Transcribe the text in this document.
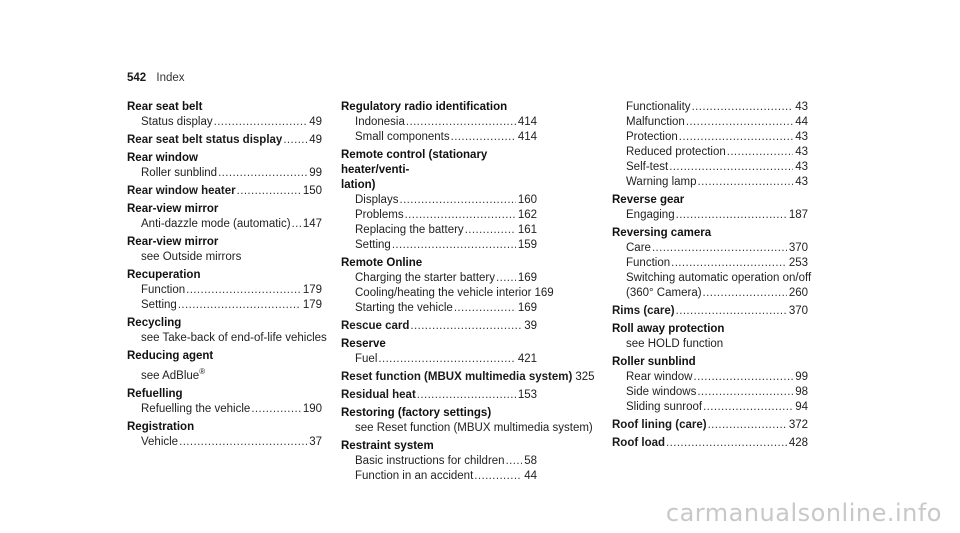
542 Index
Rear seat belt
Status display .....	49
Rear seat belt status display ..... 49
Rear window
Roller sunblind .....	99
Rear window heater .....	150
Rear-view mirror
Anti-dazzle mode (automatic) ..... 147
Rear-view mirror
see Outside mirrors
Recuperation
Function .....	179
Setting .....	179
Recycling
see Take-back of end-of-life vehicles
Reducing agent
see AdBlue®
Refuelling
Refuelling the vehicle .....	190
Registration
Vehicle .....	37
Regulatory radio identification
Indonesia .....	414
Small components .....	414
Remote control (stationary heater/venti-
lation)
Displays .....	160
Problems .....	162
Replacing the battery .....	161
Setting .....	159
Remote Online
Charging the starter battery ..... 169
Cooling/heating the vehicle interior 169
Starting the vehicle .....	169
Rescue card .....	39
Reserve
Fuel .....	421
Reset function (MBUX multimedia system) 325
Residual heat .....	153
Restoring (factory settings)
see Reset function (MBUX multimedia system)
Restraint system
Basic instructions for children ..... 58
Function in an accident .....	44
Functionality .....	43
Malfunction .....	44
Protection .....	43
Reduced protection .....	43
Self-test .....	43
Warning lamp .....	43
Reverse gear
Engaging .....	187
Reversing camera
Care .....	370
Function .....	253
Switching automatic operation on/off
(360° Camera) .....	260
Rims (care) .....	370
Roll away protection
see HOLD function
Roller sunblind
Rear window .....	99
Side windows .....	98
Sliding sunroof .....	94
Roof lining (care) .....	372
Roof load .....	428
carmanualsonline.info
